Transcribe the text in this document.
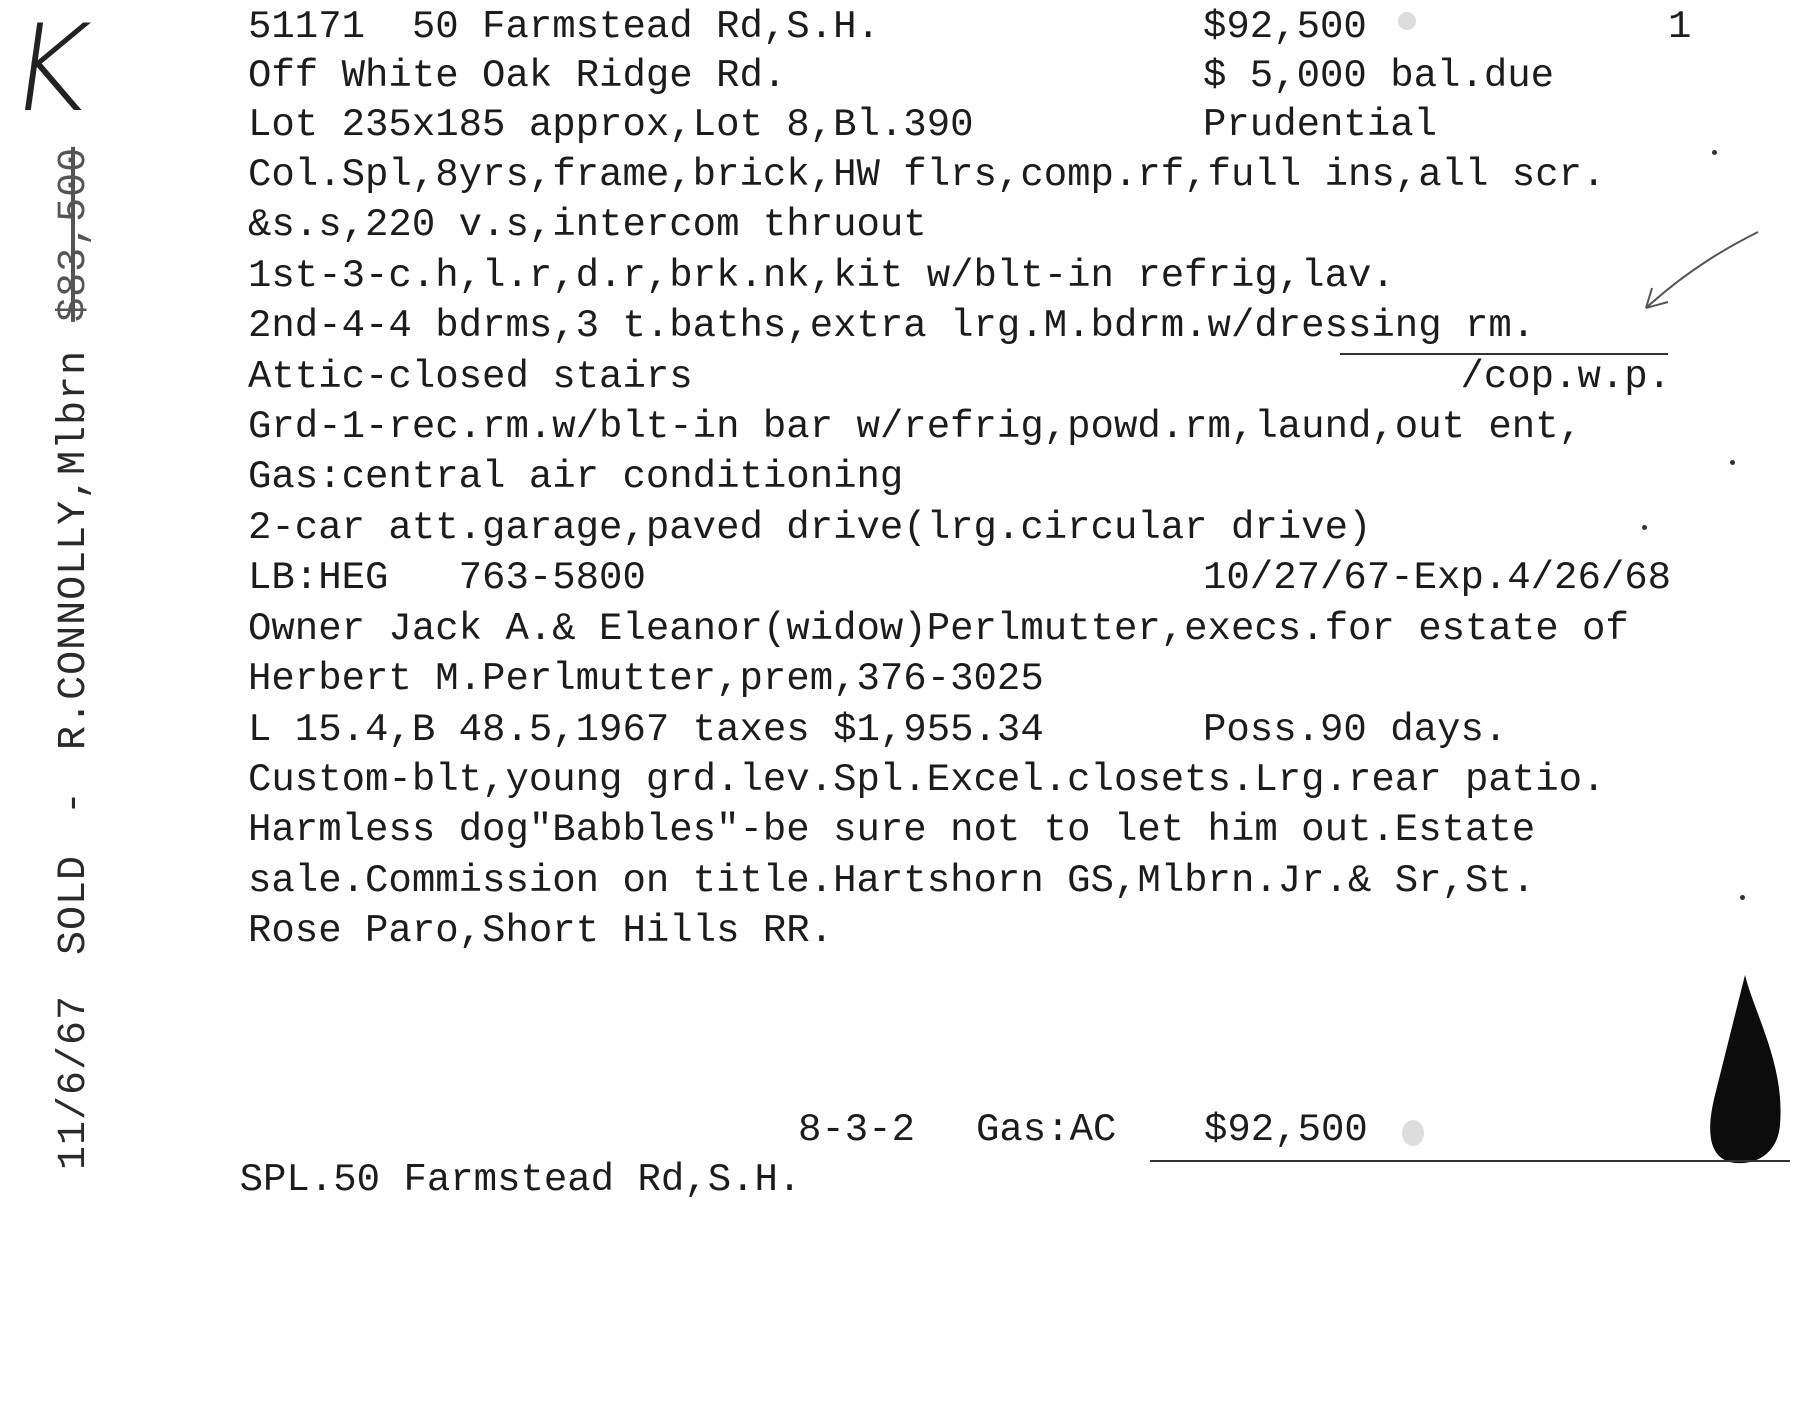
K
11/6/67SOLD-R.CONNOLLY,Mlbrn$83,500

51171  50 Farmstead Rd,S.H.

	$92,500

	1

Off White Oak Ridge Rd.

	$ 5,000 bal.due

Lot 235x185 approx,Lot 8,Bl.390

	Prudential

Col.Spl,8yrs,frame,brick,HW flrs,comp.rf,full ins,all scr.
&s.s,220 v.s,intercom thruout
1st-3-c.h,l.r,d.r,brk.nk,kit w/blt-in refrig,lav.

2nd-4-4 bdrms,3 t.baths,extra lrg.M.bdrm.w/dressing rm.

Attic-closed stairs

	/cop.w.p.

Grd-1-rec.rm.w/blt-in bar w/refrig,powd.rm,laund,out ent,
Gas:central air conditioning
2-car att.garage,paved drive(lrg.circular drive)

LB:HEG   763-5800

	10/27/67-Exp.4/26/68

Owner Jack A.& Eleanor(widow)Perlmutter,execs.for estate of
Herbert M.Perlmutter,prem,376-3025

L 15.4,B 48.5,1967 taxes $1,955.34

	Poss.90 days.

Custom-blt,young grd.lev.Spl.Excel.closets.Lrg.rear patio.
Harmless dog"Babbles"-be sure not to let him out.Estate
sale.Commission on title.Hartshorn GS,Mlbrn.Jr.& Sr,St.
Rose Paro,Short Hills RR.

SPL.50 Farmstead Rd,S.H.

8-3-2

Gas:AC

$92,500
